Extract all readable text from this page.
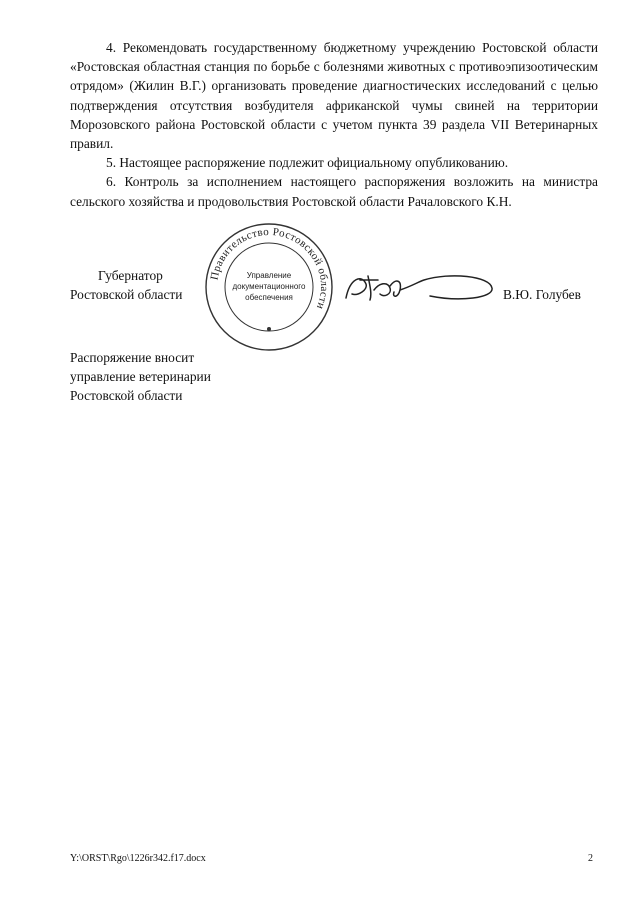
4. Рекомендовать государственному бюджетному учреждению Ростовской области «Ростовская областная станция по борьбе с болезнями животных с противоэпизоотическим отрядом» (Жилин В.Г.) организовать проведение диагностических исследований с целью подтверждения отсутствия возбудителя африканской чумы свиней на территории Морозовского района Ростовской области с учетом пункта 39 раздела VII Ветеринарных правил.

5. Настоящее распоряжение подлежит официальному опубликованию.

6. Контроль за исполнением настоящего распоряжения возложить на министра сельского хозяйства и продовольствия Ростовской области Рачаловского К.Н.

Губернатор
Ростовской области
Правительство Ростовской области
Управление
документационного
обеспечения	В.Ю. Голубев
Распоряжение вносит
управление ветеринарии
Ростовской области
Y:\ORST\Rgo\1226r342.f17.docx	2
